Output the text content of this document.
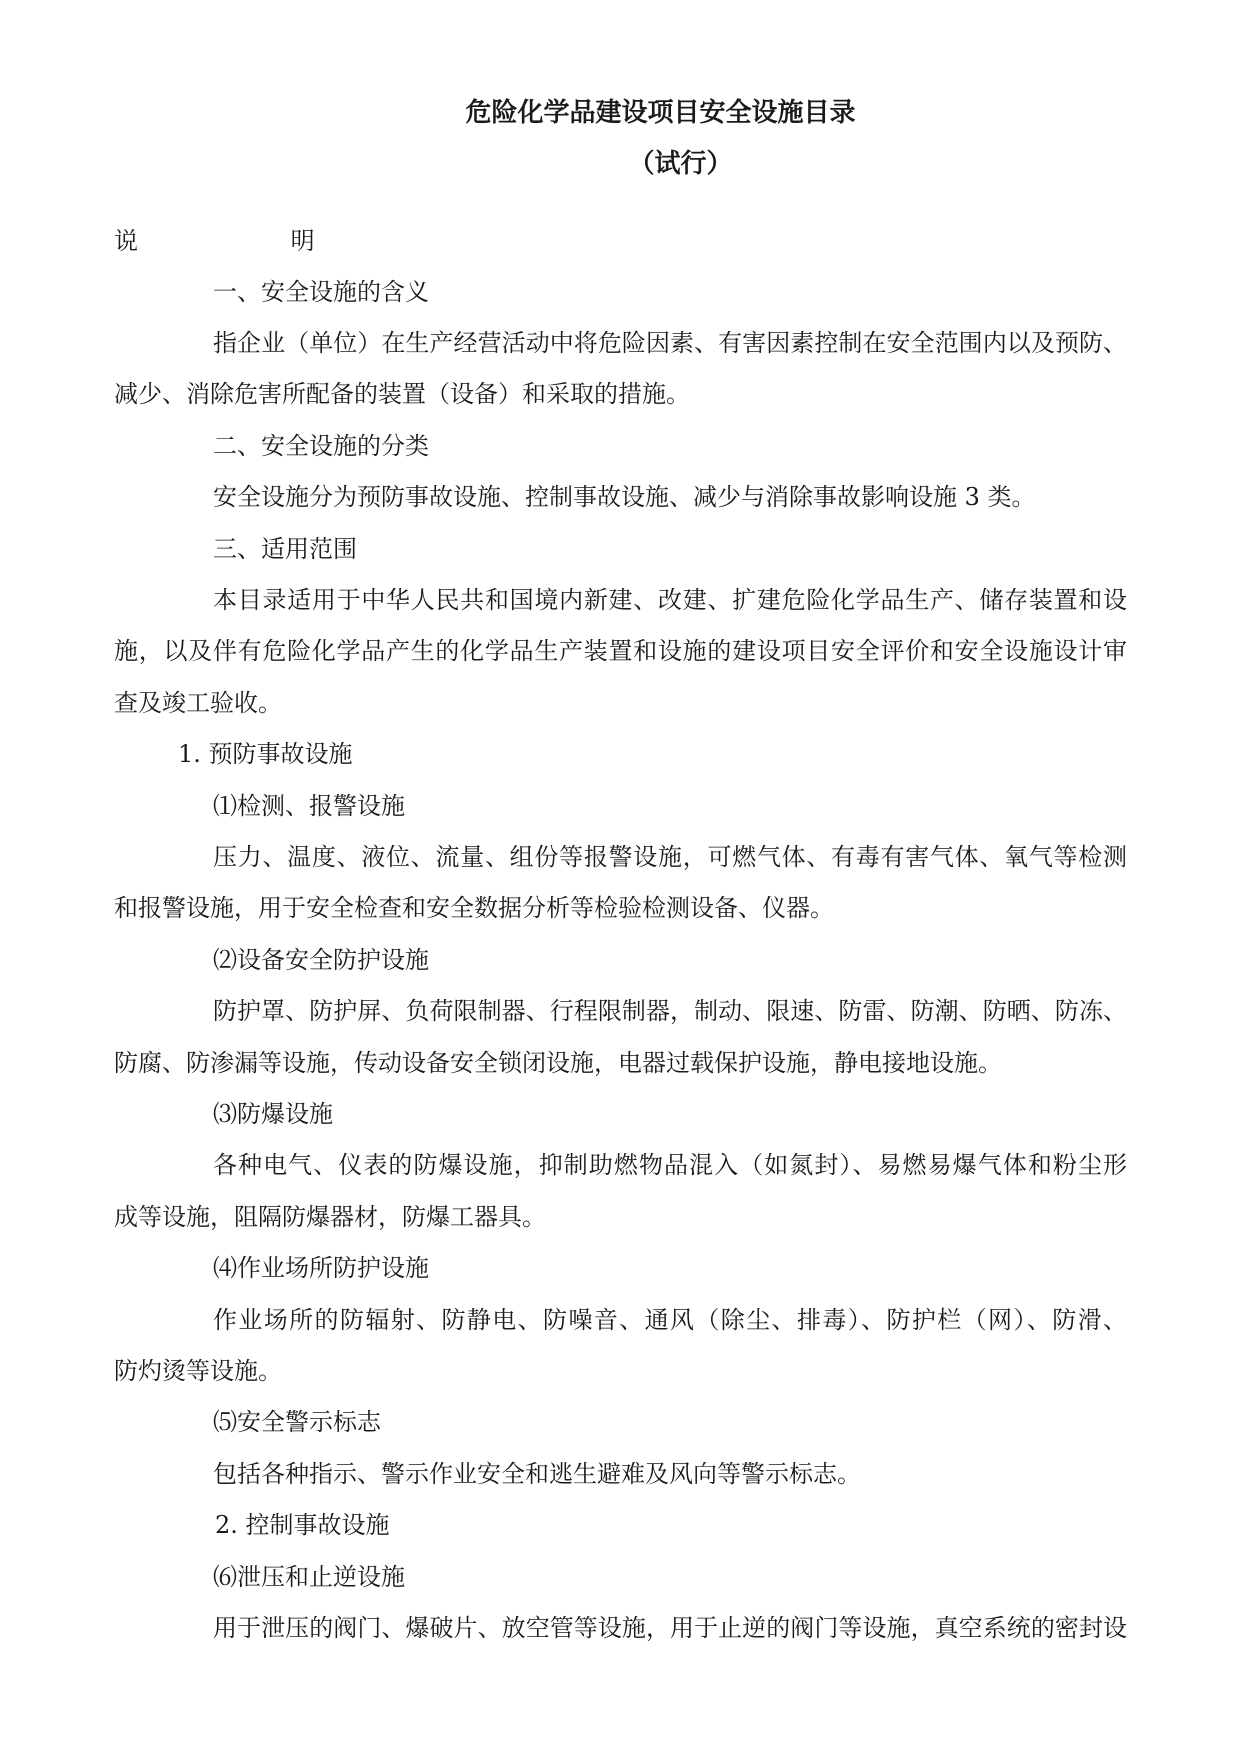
危险化学品建设项目安全设施目录
（试行）
说                    明
一、安全设施的含义
指企业（单位）在生产经营活动中将危险因素、有害因素控制在安全范围内以及预防、
减少、消除危害所配备的装置（设备）和采取的措施。
二、安全设施的分类
安全设施分为预防事故设施、控制事故设施、减少与消除事故影响设施 3 类。
三、适用范围
本目录适用于中华人民共和国境内新建、改建、扩建危险化学品生产、储存装置和设
施，以及伴有危险化学品产生的化学品生产装置和设施的建设项目安全评价和安全设施设计审
查及竣工验收。
1. 预防事故设施
⑴检测、报警设施
压力、温度、液位、流量、组份等报警设施，可燃气体、有毒有害气体、氧气等检测
和报警设施，用于安全检查和安全数据分析等检验检测设备、仪器。
⑵设备安全防护设施
防护罩、防护屏、负荷限制器、行程限制器，制动、限速、防雷、防潮、防晒、防冻、
防腐、防渗漏等设施，传动设备安全锁闭设施，电器过载保护设施，静电接地设施。
⑶防爆设施
各种电气、仪表的防爆设施，抑制助燃物品混入（如氮封）、易燃易爆气体和粉尘形
成等设施，阻隔防爆器材，防爆工器具。
⑷作业场所防护设施
作业场所的防辐射、防静电、防噪音、通风（除尘、排毒）、防护栏（网）、防滑、
防灼烫等设施。
⑸安全警示标志
包括各种指示、警示作业安全和逃生避难及风向等警示标志。
2. 控制事故设施
⑹泄压和止逆设施
用于泄压的阀门、爆破片、放空管等设施，用于止逆的阀门等设施，真空系统的密封设
